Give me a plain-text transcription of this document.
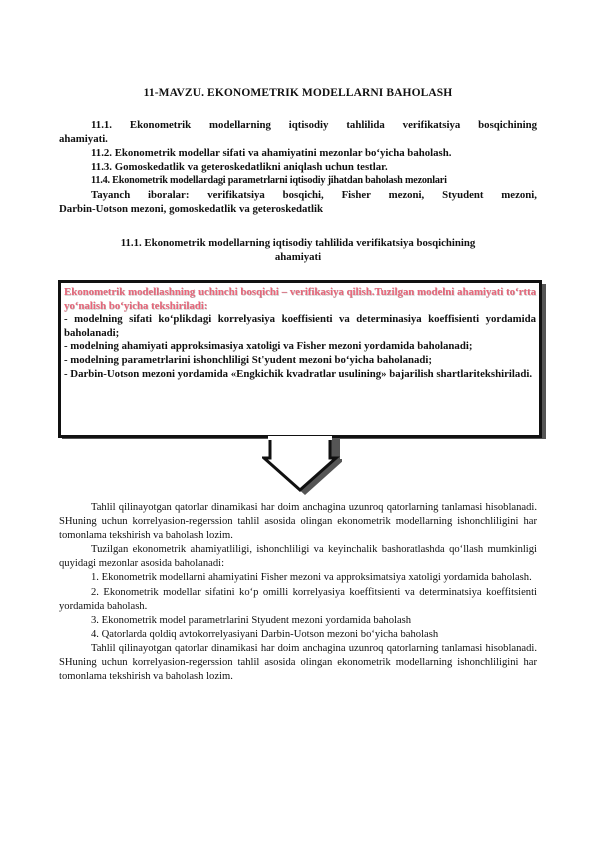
11-MAVZU. EKONOMETRIK MODELLARNI BAHOLASH

11.1. Ekonometrik modellarning iqtisodiy tahlilida verifikatsiya bosqichining

ahamiyati.

11.2. Ekonometrik modellar sifati va ahamiyatini mezonlar bo‘yicha baholash.

11.3. Gomoskedatlik va geteroskedatlikni aniqlash uchun testlar.

11.4. Ekonometrik modellardagi parametrlarni iqtisodiy jihatdan baholash mezonlari

Tayanch iboralar: verifikatsiya bosqichi, Fisher mezoni, Styudent mezoni,

Darbin-Uotson mezoni, gomoskedatlik va geteroskedatlik

11.1. Ekonometrik modellarning iqtisodiy tahlilida verifikatsiya bosqichining
ahamiyati

Ekonometrik modellashning uchinchi bosqichi – verifikasiya qilish.Tuzilgan modelni ahamiyati to‘rtta yo‘nalish bo‘yicha tekshiriladi:

- modelning sifati ko‘plikdagi korrelyasiya koeffisienti va determinasiya koeffisienti yordamida baholanadi;

- modelning ahamiyati approksimasiya xatoligi va Fisher mezoni yordamida baholanadi;

- modelning parametrlarini ishonchliligi St'yudent mezoni bo‘yicha baholanadi;

- Darbin-Uotson mezoni yordamida «Engkichik kvadratlar usulining» bajarilish shartlaritekshiriladi.

Tahlil qilinayotgan qatorlar dinamikasi har doim anchagina uzunroq qatorlarning tanlamasi hisoblanadi. SHuning uchun korrelyasion-regerssion tahlil asosida olingan ekonometrik modellarning ishonchliligini har tomonlama tekshirish va baholash lozim.

Tuzilgan ekonometrik ahamiyatliligi, ishonchliligi va keyinchalik bashoratlashda qo‘llash mumkinligi quyidagi mezonlar asosida baholanadi:

1. Ekonometrik modellarni ahamiyatini Fisher mezoni va approksimatsiya xatoligi yordamida baholash.

2. Ekonometrik modellar sifatini ko‘p omilli korrelyasiya koeffitsienti va determinatsiya koeffitsienti yordamida baholash.

3. Ekonometrik model parametrlarini Styudent mezoni yordamida baholash

4. Qatorlarda qoldiq avtokorrelyasiyani Darbin-Uotson mezoni bo‘yicha baholash

Tahlil qilinayotgan qatorlar dinamikasi har doim anchagina uzunroq qatorlarning tanlamasi hisoblanadi. SHuning uchun korrelyasion-regerssion tahlil asosida olingan ekonometrik modellarning ishonchliligini har tomonlama tekshirish va baholash lozim.
